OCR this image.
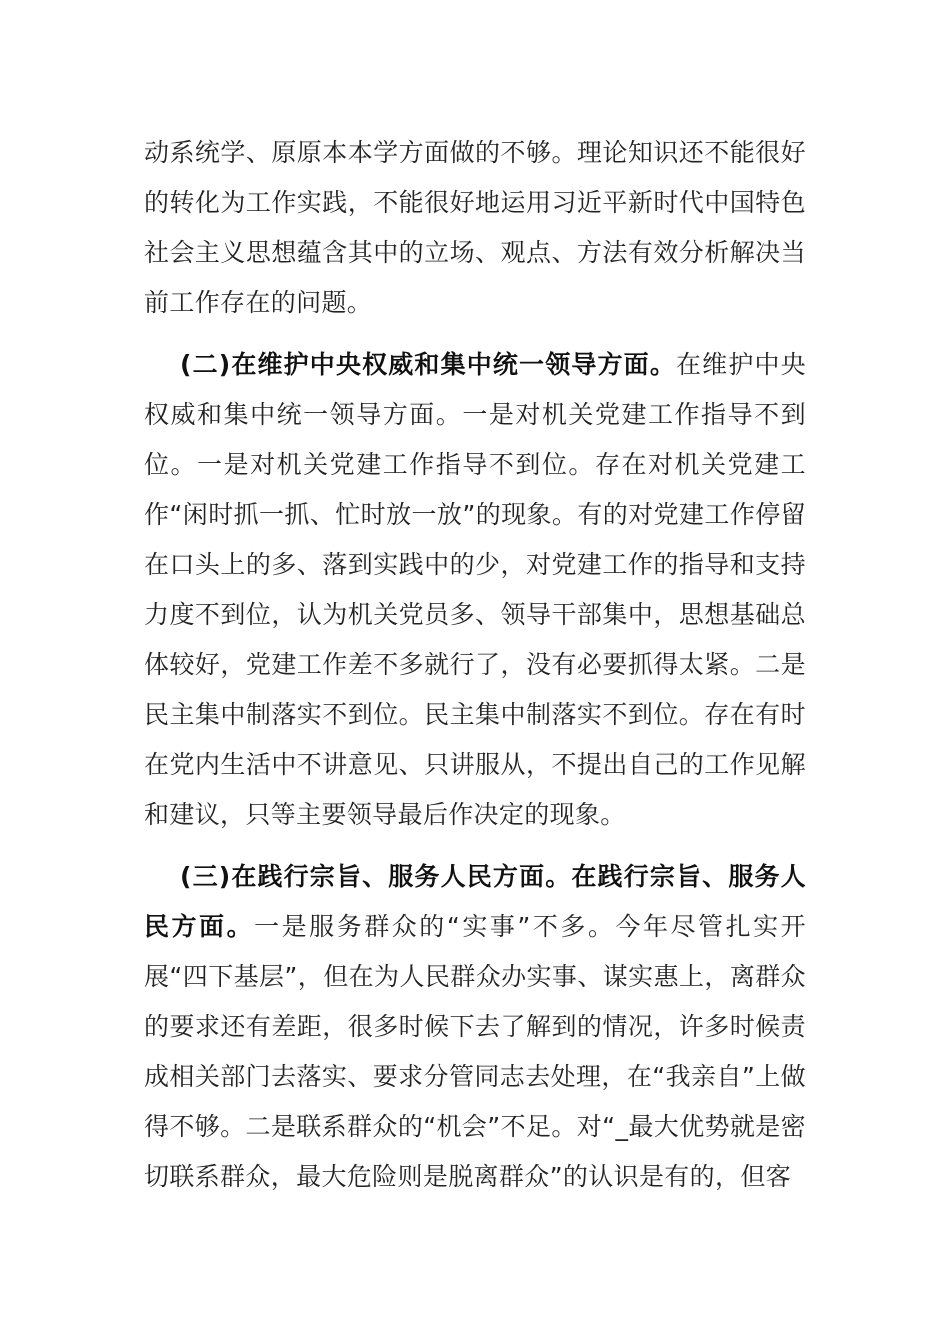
动系统学、原原本本学方面做的不够。理论知识还不能很好的转化为工作实践，不能很好地运用习近平新时代中国特色社会主义思想蕴含其中的立场、观点、方法有效分析解决当前工作存在的问题。

(二)在维护中央权威和集中统一领导方面。在维护中央权威和集中统一领导方面。一是对机关党建工作指导不到位。一是对机关党建工作指导不到位。存在对机关党建工作“闲时抓一抓、忙时放一放”的现象。有的对党建工作停留在口头上的多、落到实践中的少，对党建工作的指导和支持力度不到位，认为机关党员多、领导干部集中，思想基础总体较好，党建工作差不多就行了，没有必要抓得太紧。二是民主集中制落实不到位。民主集中制落实不到位。存在有时在党内生活中不讲意见、只讲服从，不提出自己的工作见解和建议，只等主要领导最后作决定的现象。

(三)在践行宗旨、服务人民方面。在践行宗旨、服务人民方面。一是服务群众的“实事”不多。今年尽管扎实开展“四下基层”，但在为人民群众办实事、谋实惠上，离群众的要求还有差距，很多时候下去了解到的情况，许多时候责成相关部门去落实、要求分管同志去处理，在“我亲自”上做得不够。二是联系群众的“机会”不足。对“_最大优势就是密切联系群众，最大危险则是脱离群众”的认识是有的，但客
